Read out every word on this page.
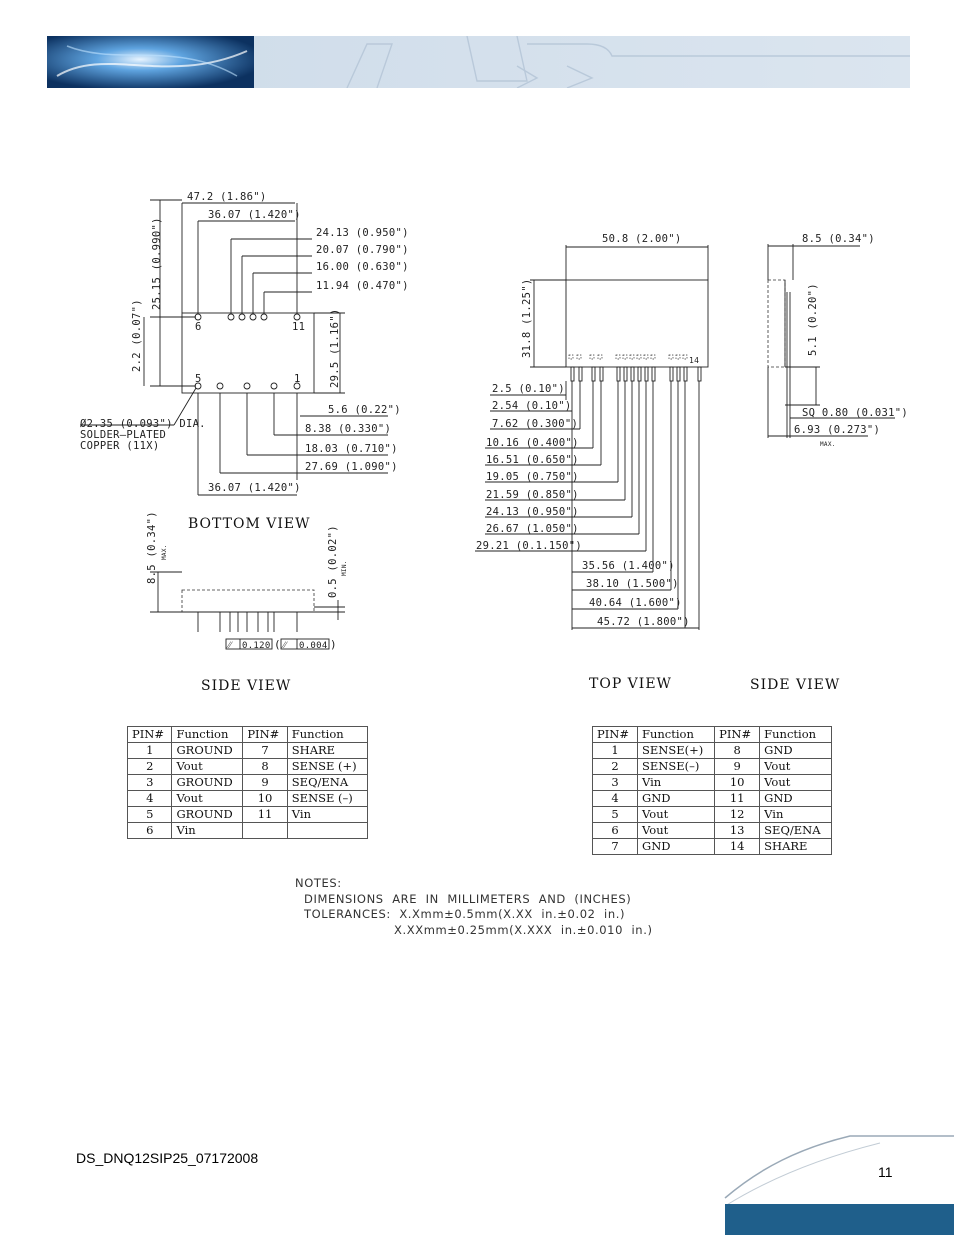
6	11
5	1
47.2 (1.86")
36.07 (1.420")
24.13 (0.950")
20.07 (0.790")
16.00 (0.630")
11.94 (0.470")
25.15 (0.990")
2.2 (0.07")	29.5 (1.16")
5.6 (0.22")
8.38 (0.330")
18.03 (0.710")
27.69 (1.090")
36.07 (1.420")
Ø2.35 (0.093") DIA.
SOLDER–PLATED
COPPER (11X)
BOTTOM VIEW
8.5 (0.34") MAX.	0.5 (0.02") MIN.
⁄⁄ 0.120 ( ⁄⁄ 0.004 )
SIDE VIEW
14
50.8 (2.00")
31.8 (1.25")
2.5 (0.10")
2.54 (0.10")
7.62 (0.300")
10.16 (0.400")
16.51 (0.650")
19.05 (0.750")
21.59 (0.850")
24.13 (0.950")
26.67 (1.050")
29.21 (0.1.150")
35.56 (1.400")
38.10 (1.500")
40.64 (1.600")
45.72 (1.800")
TOP VIEW
8.5 (0.34")
5.1 (0.20")
SQ 0.80 (0.031")
6.93 (0.273")
MAX.
SIDE VIEW
PIN#	Function	PIN#	Function
1	GROUND	7	SHARE
2	Vout	8	SENSE (+)
3	GROUND	9	SEQ/ENA
4	Vout	10	SENSE (–)
5	GROUND	11	Vin
6	Vin		
PIN#	Function	PIN#	Function
1	SENSE(+)	8	GND
2	SENSE(–)	9	Vout
3	Vin	10	Vout
4	GND	11	GND
5	Vout	12	Vin
6	Vout	13	SEQ/ENA
7	GND	14	SHARE
NOTES:
DIMENSIONS  ARE  IN  MILLIMETERS  AND  (INCHES)
TOLERANCES:  X.Xmm±0.5mm(X.XX  in.±0.02  in.)
X.XXmm±0.25mm(X.XXX  in.±0.010  in.)
DS_DNQ12SIP25_07172008
11
